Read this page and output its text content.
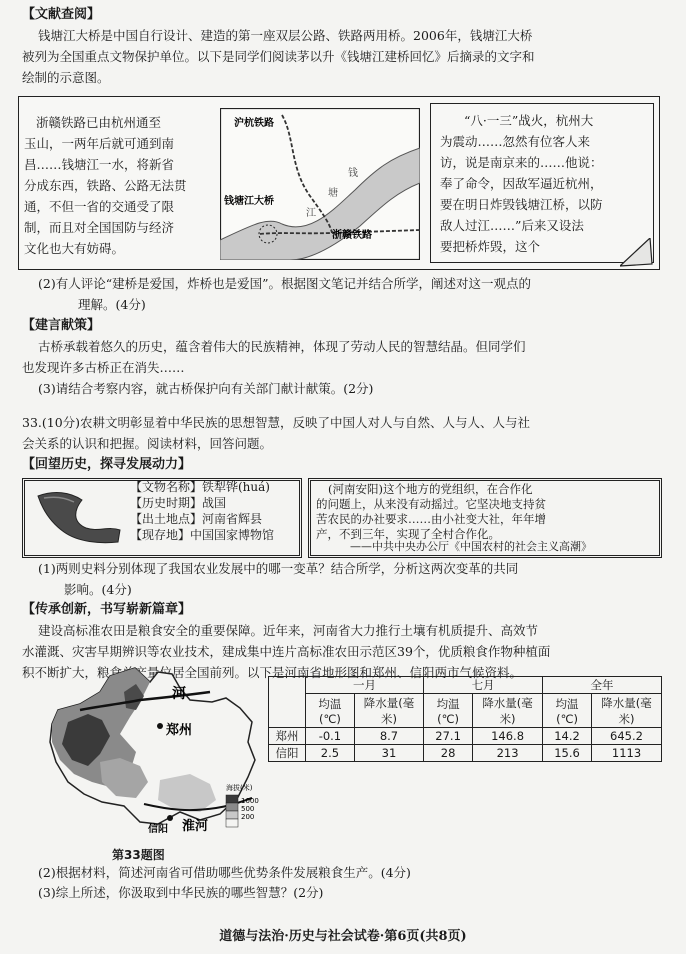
【文献查阅】
钱塘江大桥是中国自行设计、建造的第一座双层公路、铁路两用桥。2006年，钱塘江大桥
被列为全国重点文物保护单位。以下是同学们阅读茅以升《钱塘江建桥回忆》后摘录的文字和
绘制的示意图。
浙赣铁路已由杭州通至
玉山，一两年后就可通到南
昌……钱塘江一水，将新省
分成东西，铁路、公路无法贯
通，不但一省的交通受了限
制，而且对全国国防与经济
文化也大有妨碍。
沪杭铁路
浙赣铁路
钱塘江大桥
钱
塘
江
“八·一三”战火，杭州大
为震动……忽然有位客人来
访，说是南京来的……他说：
奉了命令，因敌军逼近杭州，
要在明日炸毁钱塘江桥，以防
敌人过江……”后来又设法
要把桥炸毁，这个
(2)有人评论“建桥是爱国，炸桥也是爱国”。根据图文笔记并结合所学，阐述对这一观点的
理解。(4分)
【建言献策】
古桥承载着悠久的历史，蕴含着伟大的民族精神，体现了劳动人民的智慧结晶。但同学们
也发现许多古桥正在消失……
(3)请结合考察内容，就古桥保护向有关部门献计献策。(2分)
33.(10分)农耕文明彰显着中华民族的思想智慧，反映了中国人对人与自然、人与人、人与社
会关系的认识和把握。阅读材料，回答问题。
【回望历史，探寻发展动力】
【文物名称】铁犁铧(huá)
【历史时期】战国
【出土地点】河南省辉县
【现存地】中国国家博物馆
(河南安阳)这个地方的党组织，在合作化
的问题上，从来没有动摇过。它坚决地支持贫
苦农民的办社要求……由小社变大社，年年增
产，不到三年，实现了全村合作化。
——中共中央办公厅《中国农村的社会主义高潮》
(1)两则史料分别体现了我国农业发展中的哪一变革？结合所学，分析这两次变革的共同
影响。(4分)
【传承创新，书写崭新篇章】
建设高标准农田是粮食安全的重要保障。近年来，河南省大力推行土壤有机质提升、高效节
水灌溉、灾害早期辨识等农业技术，建成集中连片高标准农田示范区39个，优质粮食作物种植面
积不断扩大，粮食总产量位居全国前列。以下是河南省地形图和郑州、信阳两市气候资料。
河
郑州
信阳 淮河
海拔(米)
1000
500
200
第33题图
	一月		七月		全年	
	均温(℃)	降水量(毫米)	均温(℃)	降水量(毫米)	均温(℃)	降水量(毫米)
郑州	-0.1	8.7	27.1	146.8	14.2	645.2
信阳	2.5	31	28	213	15.6	1113
(2)根据材料，简述河南省可借助哪些优势条件发展粮食生产。(4分)
(3)综上所述，你汲取到中华民族的哪些智慧？(2分)
道德与法治·历史与社会试卷·第6页(共8页)
